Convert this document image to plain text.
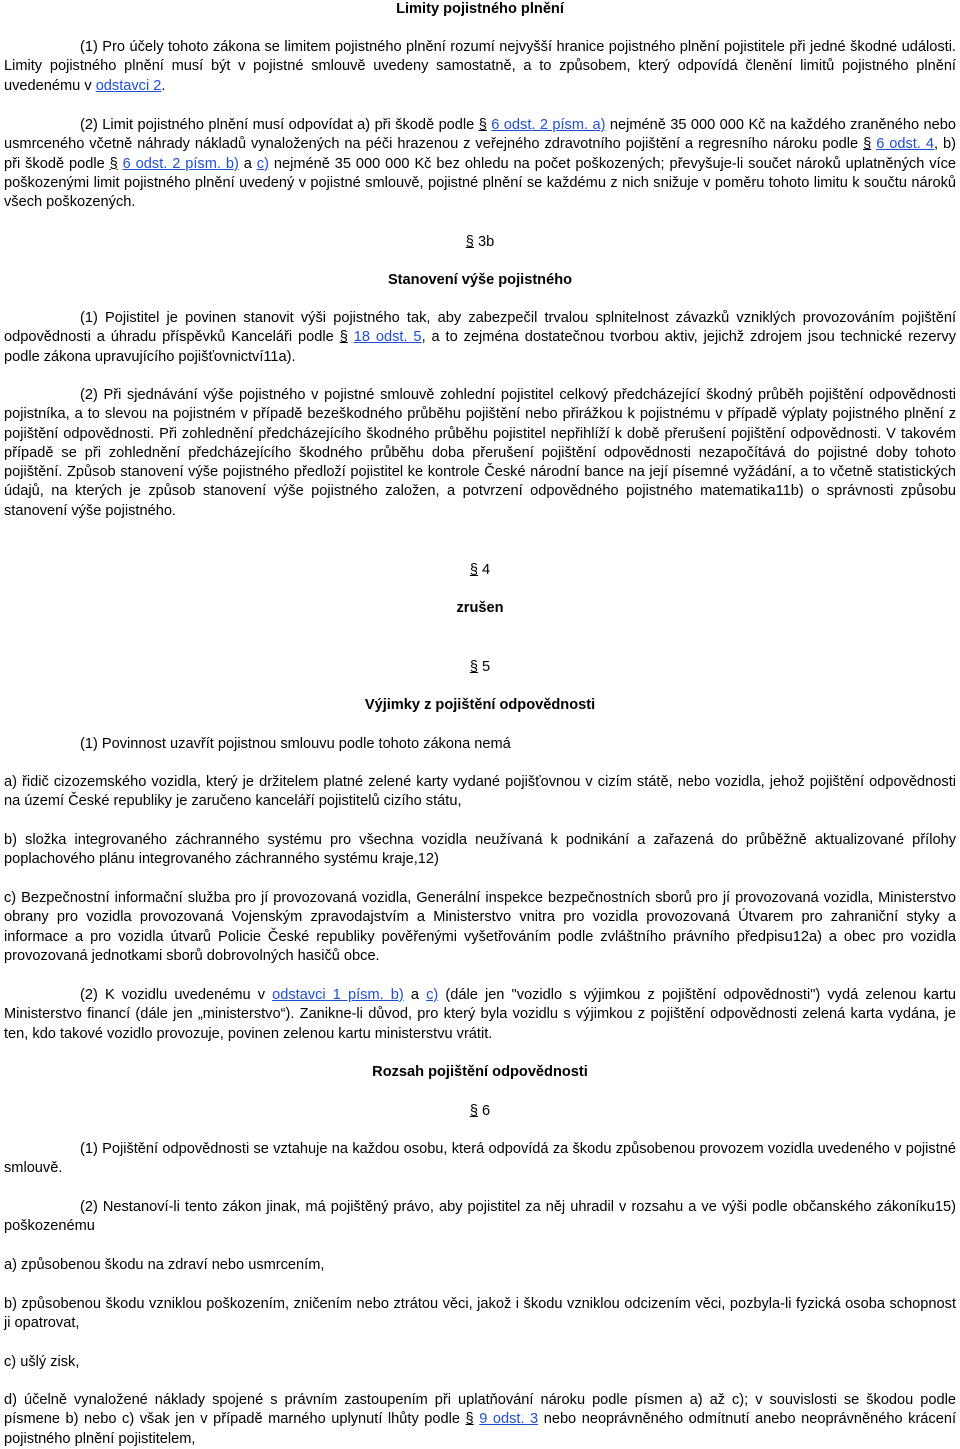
Limity pojistného plnění

(1) Pro účely tohoto zákona se limitem pojistného plnění rozumí nejvyšší hranice pojistného plnění pojistitele při jedné škodné události. Limity pojistného plnění musí být v pojistné smlouvě uvedeny samostatně, a to způsobem, který odpovídá členění limitů pojistného plnění uvedenému v odstavci 2.

(2) Limit pojistného plnění musí odpovídat a) při škodě podle § 6 odst. 2 písm. a) nejméně 35 000 000 Kč na každého zraněného nebo usmrceného včetně náhrady nákladů vynaložených na péči hrazenou z veřejného zdravotního pojištění a regresního nároku podle § 6 odst. 4, b) při škodě podle § 6 odst. 2 písm. b) a c) nejméně 35 000 000 Kč bez ohledu na počet poškozených; převyšuje-li součet nároků uplatněných více poškozenými limit pojistného plnění uvedený v pojistné smlouvě, pojistné plnění se každému z nich snižuje v poměru tohoto limitu k součtu nároků všech poškozených.

§ 3b
Stanovení výše pojistného

(1) Pojistitel je povinen stanovit výši pojistného tak, aby zabezpečil trvalou splnitelnost závazků vzniklých provozováním pojištění odpovědnosti a úhradu příspěvků Kanceláři podle § 18 odst. 5, a to zejména dostatečnou tvorbou aktiv, jejichž zdrojem jsou technické rezervy podle zákona upravujícího pojišťovnictví11a).

(2) Při sjednávání výše pojistného v pojistné smlouvě zohlední pojistitel celkový předcházející škodný průběh pojištění odpovědnosti pojistníka, a to slevou na pojistném v případě bezeškodného průběhu pojištění nebo přirážkou k pojistnému v případě výplaty pojistného plnění z pojištění odpovědnosti. Při zohlednění předcházejícího škodného průběhu pojistitel nepřihlíží k době přerušení pojištění odpovědnosti. V takovém případě se při zohlednění předcházejícího škodného průběhu doba přerušení pojištění odpovědnosti nezapočítává do pojistné doby tohoto pojištění. Způsob stanovení výše pojistného předloží pojistitel ke kontrole České národní bance na její písemné vyžádání, a to včetně statistických údajů, na kterých je způsob stanovení výše pojistného založen, a potvrzení odpovědného pojistného matematika11b) o správnosti způsobu stanovení výše pojistného.

§ 4
zrušen
§ 5
Výjimky z pojištění odpovědnosti

(1) Povinnost uzavřít pojistnou smlouvu podle tohoto zákona nemá

a) řidič cizozemského vozidla, který je držitelem platné zelené karty vydané pojišťovnou v cizím státě, nebo vozidla, jehož pojištění odpovědnosti na území České republiky je zaručeno kanceláří pojistitelů cizího státu,

b) složka integrovaného záchranného systému pro všechna vozidla neužívaná k podnikání a zařazená do průběžně aktualizované přílohy poplachového plánu integrovaného záchranného systému kraje,12)

c) Bezpečnostní informační služba pro jí provozovaná vozidla, Generální inspekce bezpečnostních sborů pro jí provozovaná vozidla, Ministerstvo obrany pro vozidla provozovaná Vojenským zpravodajstvím a Ministerstvo vnitra pro vozidla provozovaná Útvarem pro zahraniční styky a informace a pro vozidla útvarů Policie České republiky pověřenými vyšetřováním podle zvláštního právního předpisu12a) a obec pro vozidla provozovaná jednotkami sborů dobrovolných hasičů obce.

(2) K vozidlu uvedenému v odstavci 1 písm. b) a c) (dále jen "vozidlo s výjimkou z pojištění odpovědnosti") vydá zelenou kartu Ministerstvo financí (dále jen „ministerstvo“). Zanikne-li důvod, pro který byla vozidlu s výjimkou z pojištění odpovědnosti zelená karta vydána, je ten, kdo takové vozidlo provozuje, povinen zelenou kartu ministerstvu vrátit.

Rozsah pojištění odpovědnosti
§ 6

(1) Pojištění odpovědnosti se vztahuje na každou osobu, která odpovídá za škodu způsobenou provozem vozidla uvedeného v pojistné smlouvě.

(2) Nestanoví-li tento zákon jinak, má pojištěný právo, aby pojistitel za něj uhradil v rozsahu a ve výši podle občanského zákoníku15) poškozenému

a) způsobenou škodu na zdraví nebo usmrcením,

b) způsobenou škodu vzniklou poškozením, zničením nebo ztrátou věci, jakož i škodu vzniklou odcizením věci, pozbyla-li fyzická osoba schopnost ji opatrovat,

c) ušlý zisk,

d) účelně vynaložené náklady spojené s právním zastoupením při uplatňování nároku podle písmen a) až c); v souvislosti se škodou podle písmene b) nebo c) však jen v případě marného uplynutí lhůty podle § 9 odst. 3 nebo neoprávněného odmítnutí anebo neoprávněného krácení pojistného plnění pojistitelem,
